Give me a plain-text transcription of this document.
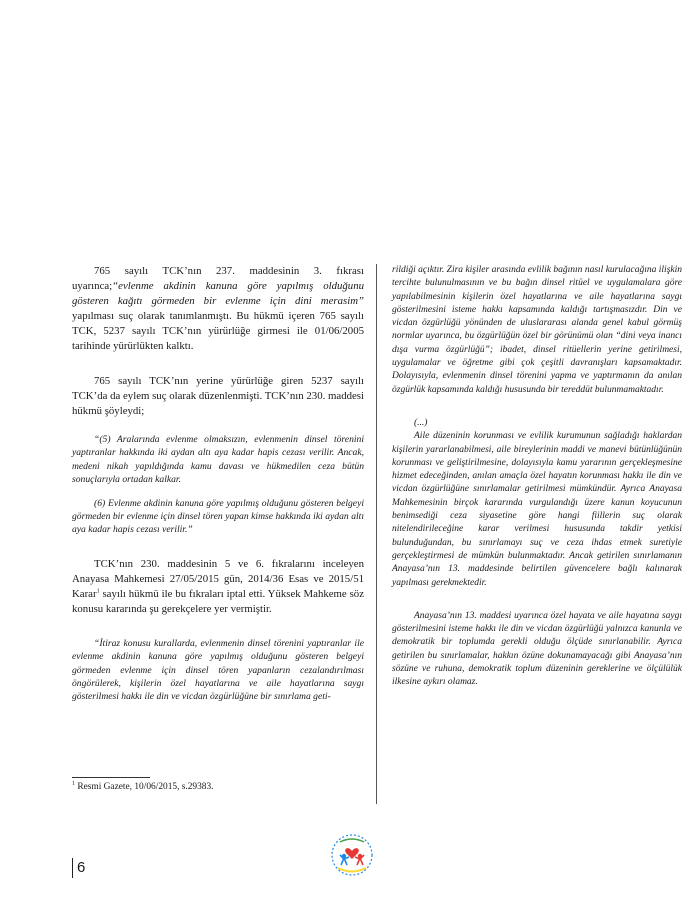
765 sayılı TCK’nın 237. maddesinin 3. fıkrası uyarınca;“evlenme akdinin kanuna göre yapılmış olduğunu gösteren kağıtı görmeden bir evlenme için dini merasim” yapılması suç olarak tanımlanmıştı. Bu hükmü içeren 765 sayılı TCK, 5237 sayılı TCK’nın yürürlüğe girmesi ile 01/06/2005 tarihinde yürürlükten kalktı.

765 sayılı TCK’nın yerine yürürlüğe giren 5237 sayılı TCK’da da eylem suç olarak düzenlenmişti. TCK’nın 230. maddesi hükmü şöyleydi;

“(5) Aralarında evlenme olmaksızın, evlenmenin dinsel törenini yaptıranlar hakkında iki aydan altı aya kadar hapis cezası verilir. Ancak, medeni nikah yapıldığında kamu davası ve hükmedilen ceza bütün sonuçlarıyla ortadan kalkar.

(6) Evlenme akdinin kanuna göre yapılmış olduğunu gösteren belgeyi görmeden bir evlenme için dinsel tören yapan kimse hakkında iki aydan altı aya kadar hapis cezası verilir.”

TCK’nın 230. maddesinin 5 ve 6. fıkralarını inceleyen Anayasa Mahkemesi 27/05/2015 gün, 2014/36 Esas ve 2015/51 Karar$^1$ sayılı hükmü ile bu fıkraları iptal etti. Yüksek Mahkeme söz konusu kararında şu gerekçelere yer vermiştir.

“İtiraz konusu kurallarda, evlenmenin dinsel törenini yaptıranlar ile evlenme akdinin kanuna göre yapılmış olduğunu gösteren belgeyi görmeden evlenme için dinsel tören yapanların cezalandırılması öngörülerek, kişilerin özel hayatlarına ve aile hayatlarına saygı gösterilmesi hakkı ile din ve vicdan özgürlüğüne bir sınırlama geti-

rildiği açıktır. Zira kişiler arasında evlilik bağının nasıl kurulacağına ilişkin tercihte bulunulmasının ve bu bağın dinsel ritüel ve uygulamalara göre yapılabilmesinin kişilerin özel hayatlarına ve aile hayatlarına saygı gösterilmesini isteme hakkı kapsamında kaldığı tartışmasızdır. Din ve vicdan özgürlüğü yönünden de uluslararası alanda genel kabul görmüş normlar uyarınca, bu özgürlüğün özel bir görünümü olan “dini veya inancı dışa vurma özgürlüğü”; ibadet, dinsel ritüellerin yerine getirilmesi, uygulamalar ve öğretme gibi çok çeşitli davranışları kapsamaktadır. Dolayısıyla, evlenmenin dinsel törenini yapma ve yaptırmanın da anılan özgürlük kapsamında kaldığı hususunda bir tereddüt bulunmamaktadır.

(...)

Aile düzeninin korunması ve evlilik kurumunun sağladığı haklardan kişilerin yararlanabilmesi, aile bireylerinin maddi ve manevi bütünlüğünün korunması ve geliştirilmesine, dolayısıyla kamu yararının gerçekleşmesine hizmet edeceğinden, anılan amaçla özel hayatın korunması hakkı ile din ve vicdan özgürlüğüne sınırlamalar getirilmesi mümkündür. Ayrıca Anayasa Mahkemesinin birçok kararında vurgulandığı üzere kanun koyucunun benimsediği ceza siyasetine göre hangi fiillerin suç olarak nitelendirileceğine karar verilmesi hususunda takdir yetkisi bulunduğundan, bu sınırlamayı suç ve ceza ihdas etmek suretiyle gerçekleştirmesi de mümkün bulunmaktadır. Ancak getirilen sınırlamanın Anayasa’nın 13. maddesinde belirtilen güvencelere bağlı kalınarak yapılması gerekmektedir.

Anayasa’nın 13. maddesi uyarınca özel hayata ve aile hayatına saygı gösterilmesini isteme hakkı ile din ve vicdan özgürlüğü yalnızca kanunla ve demokratik bir toplumda gerekli olduğu ölçüde sınırlanabilir. Ayrıca getirilen bu sınırlamalar, hakkın özüne dokunamayacağı gibi Anayasa’nın sözüne ve ruhuna, demokratik toplum düzeninin gereklerine ve ölçülülük ilkesine aykırı olamaz.

$^1$ Resmi Gazete, 10/06/2015, s.29383.

6
